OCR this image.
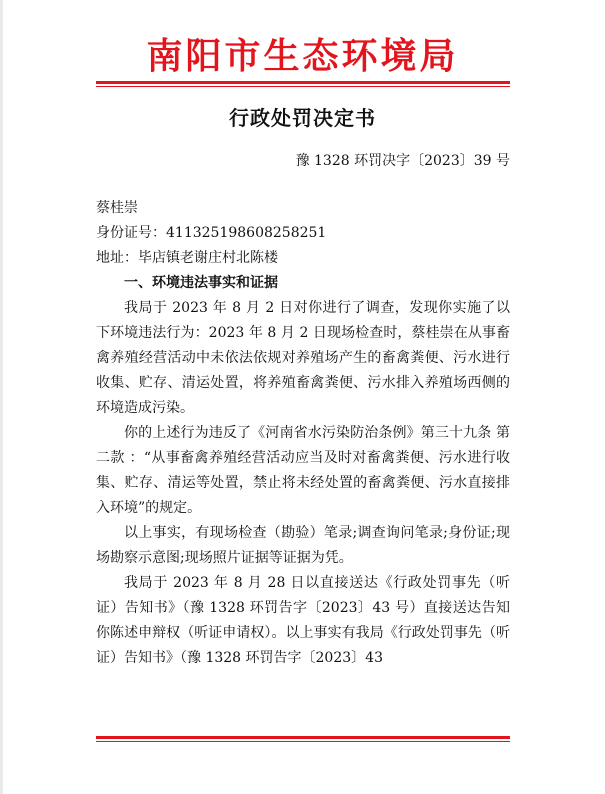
南阳市生态环境局
行政处罚决定书
豫 1328 环罚决字〔2023〕39 号
蔡桂崇
身份证号：411325198608258251
地址：毕店镇老谢庄村北陈楼
一、环境违法事实和证据

我局于 2023 年 8 月 2 日对你进行了调查，发现你实施了以下环境违法行为：2023 年 8 月 2 日现场检查时，蔡桂崇在从事畜禽养殖经营活动中未依法依规对养殖场产生的畜禽粪便、污水进行收集、贮存、清运处置，将养殖畜禽粪便、污水排入养殖场西侧的环境造成污染。

你的上述行为违反了《河南省水污染防治条例》第三十九条 第二款 ：“从事畜禽养殖经营活动应当及时对畜禽粪便、污水进行收集、贮存、清运等处置，禁止将未经处置的畜禽粪便、污水直接排入环境”的规定。

以上事实，有现场检查（勘验）笔录;调查询问笔录;身份证;现场勘察示意图;现场照片证据等证据为凭。

我局于 2023 年 8 月 28 日以直接送达《行政处罚事先（听证）告知书》（豫 1328 环罚告字〔2023〕43 号）直接送达告知你陈述申辩权（听证申请权）。以上事实有我局《行政处罚事先（听证）告知书》（豫 1328 环罚告字〔2023〕43
